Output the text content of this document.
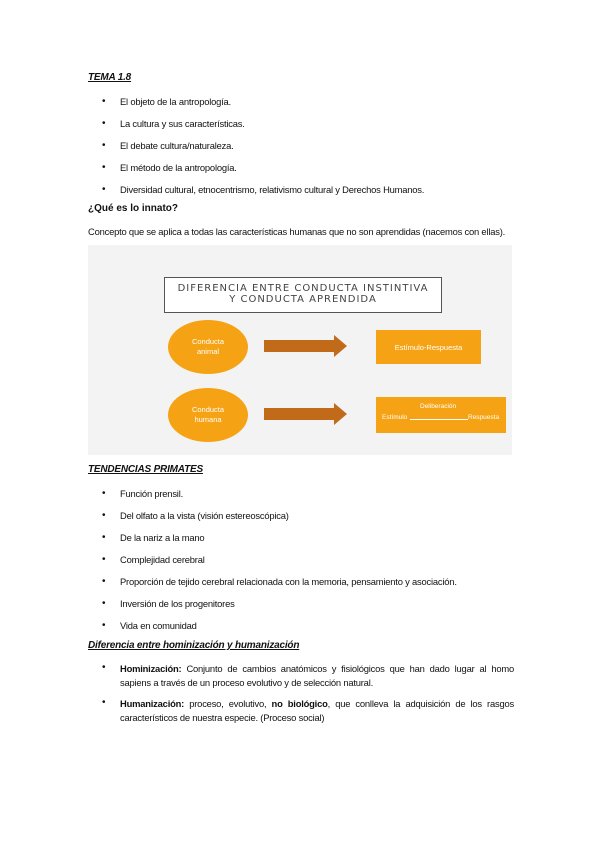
TEMA 1.8
• El objeto de la antropología.
• La cultura y sus características.
• El debate cultura/naturaleza.
• El método de la antropología.
• Diversidad cultural, etnocentrismo, relativismo cultural y Derechos Humanos.
¿Qué es lo innato?
Concepto que se aplica a todas las características humanas que no son aprendidas (nacemos con ellas).
DIFERENCIA ENTRE CONDUCTA INSTINTIVA
Y CONDUCTA APRENDIDA
Conducta
animal	Estímulo-Respuesta
Conducta
humana
Deliberación
Estímulo	Respuesta
TENDENCIAS PRIMATES
• Función prensil.
• Del olfato a la vista (visión estereoscópica)
• De la nariz a la mano
• Complejidad cerebral
• Proporción de tejido cerebral relacionada con la memoria, pensamiento y asociación.
• Inversión de los progenitores
• Vida en comunidad
Diferencia entre hominización y humanización
• Hominización: Conjunto de cambios anatómicos y fisiológicos que han dado lugar al homo sapiens a través de un proceso evolutivo y de selección natural.
• Humanización: proceso, evolutivo, no biológico, que conlleva la adquisición de los rasgos característicos de nuestra especie. (Proceso social)
